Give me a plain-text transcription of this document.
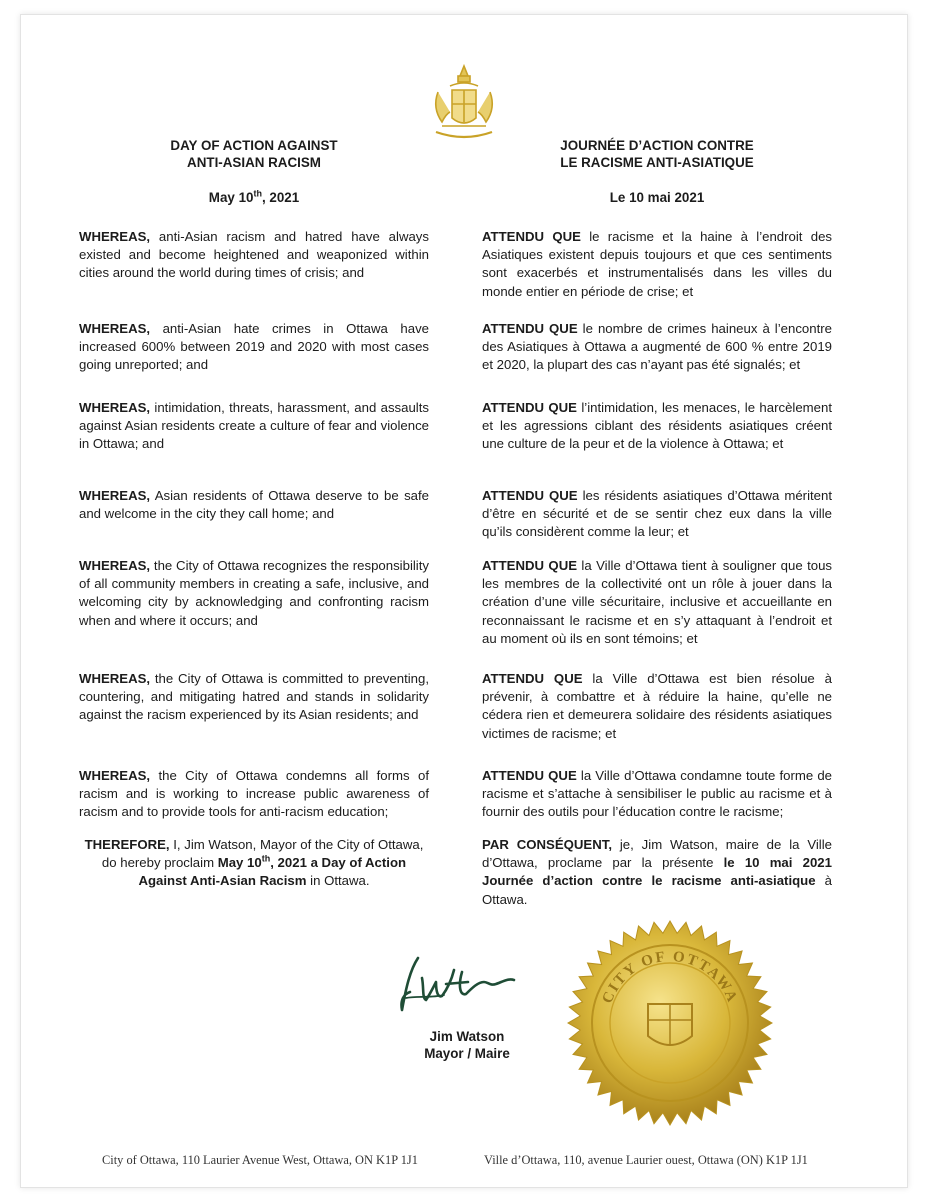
DAY OF ACTION AGAINST
ANTI-ASIAN RACISM
JOURNÉE D’ACTION CONTRE
LE RACISME ANTI-ASIATIQUE
May 10th, 2021	Le 10 mai 2021

WHEREAS, anti-Asian racism and hatred have always existed and become heightened and weaponized within cities around the world during times of crisis; and

WHEREAS, anti-Asian hate crimes in Ottawa have increased 600% between 2019 and 2020 with most cases going unreported; and

WHEREAS, intimidation, threats, harassment, and assaults against Asian residents create a culture of fear and violence in Ottawa; and

WHEREAS, Asian residents of Ottawa deserve to be safe and welcome in the city they call home; and

WHEREAS, the City of Ottawa recognizes the responsibility of all community members in creating a safe, inclusive, and welcoming city by acknowledging and confronting racism when and where it occurs; and

WHEREAS, the City of Ottawa is committed to preventing, countering, and mitigating hatred and stands in solidarity against the racism experienced by its Asian residents; and

WHEREAS, the City of Ottawa condemns all forms of racism and is working to increase public awareness of racism and to provide tools for anti-racism education;

THEREFORE, I, Jim Watson, Mayor of the City of Ottawa, do hereby proclaim May 10th, 2021 a Day of Action Against Anti-Asian Racism in Ottawa.

ATTENDU QUE le racisme et la haine à l’endroit des Asiatiques existent depuis toujours et que ces sentiments sont exacerbés et instrumentalisés dans les villes du monde entier en période de crise; et

ATTENDU QUE le nombre de crimes haineux à l’encontre des Asiatiques à Ottawa a augmenté de 600 % entre 2019 et 2020, la plupart des cas n’ayant pas été signalés; et

ATTENDU QUE l’intimidation, les menaces, le harcèlement et les agressions ciblant des résidents asiatiques créent une culture de la peur et de la violence à Ottawa; et

ATTENDU QUE les résidents asiatiques d’Ottawa méritent d’être en sécurité et de se sentir chez eux dans la ville qu’ils considèrent comme la leur; et

ATTENDU QUE la Ville d’Ottawa tient à souligner que tous les membres de la collectivité ont un rôle à jouer dans la création d’une ville sécuritaire, inclusive et accueillante en reconnaissant le racisme et en s’y attaquant à l’endroit et au moment où ils en sont témoins; et

ATTENDU QUE la Ville d’Ottawa est bien résolue à prévenir, à combattre et à réduire la haine, qu’elle ne cédera rien et demeurera solidaire des résidents asiatiques victimes de racisme; et

ATTENDU QUE la Ville d’Ottawa condamne toute forme de racisme et s’attache à sensibiliser le public au racisme et à fournir des outils pour l’éducation contre le racisme;

PAR CONSÉQUENT, je, Jim Watson, maire de la Ville d’Ottawa, proclame par la présente le 10 mai 2021 Journée d’action contre le racisme anti-asiatique à Ottawa.

Jim Watson
Mayor / Maire
CITY OF OTTAWA
City of Ottawa, 110 Laurier Avenue West, Ottawa, ON K1P 1J1	Ville d’Ottawa, 110, avenue Laurier ouest, Ottawa (ON) K1P 1J1
